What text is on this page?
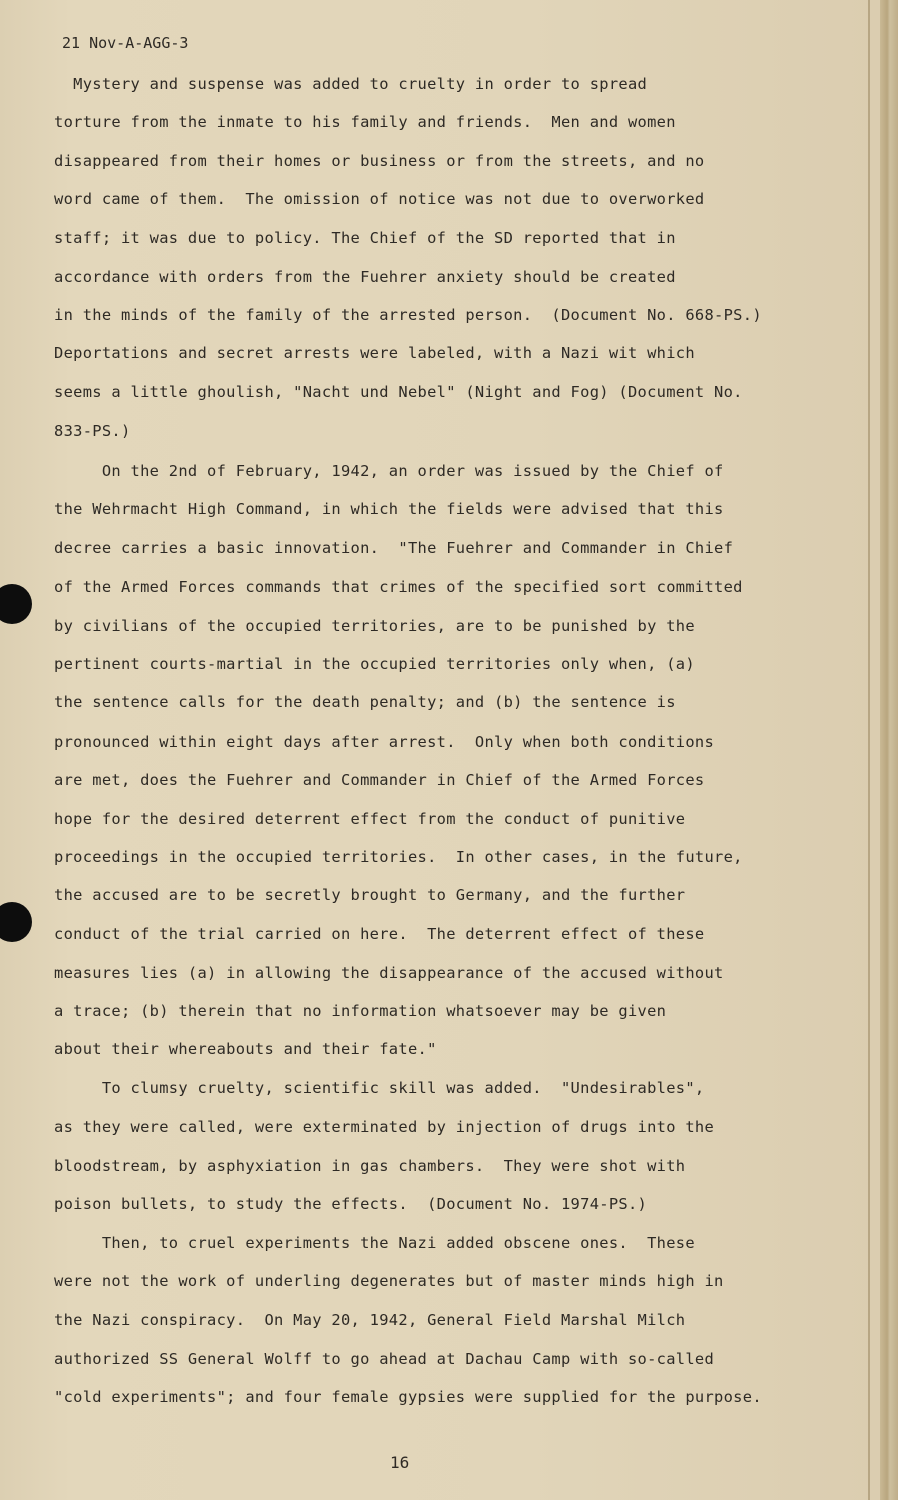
21 Nov-A-AGG-3
Mystery and suspense was added to cruelty in order to spread
torture from the inmate to his family and friends.  Men and women
disappeared from their homes or business or from the streets, and no
word came of them.  The omission of notice was not due to overworked
staff; it was due to policy. The Chief of the SD reported that in
accordance with orders from the Fuehrer anxiety should be created
in the minds of the family of the arrested person.  (Document No. 668-PS.)
Deportations and secret arrests were labeled, with a Nazi wit which
seems a little ghoulish, "Nacht und Nebel" (Night and Fog) (Document No.
833-PS.)
On the 2nd of February, 1942, an order was issued by the Chief of
the Wehrmacht High Command, in which the fields were advised that this
decree carries a basic innovation.  "The Fuehrer and Commander in Chief
of the Armed Forces commands that crimes of the specified sort committed
by civilians of the occupied territories, are to be punished by the
pertinent courts-martial in the occupied territories only when, (a)
the sentence calls for the death penalty; and (b) the sentence is
pronounced within eight days after arrest.  Only when both conditions
are met, does the Fuehrer and Commander in Chief of the Armed Forces
hope for the desired deterrent effect from the conduct of punitive
proceedings in the occupied territories.  In other cases, in the future,
the accused are to be secretly brought to Germany, and the further
conduct of the trial carried on here.  The deterrent effect of these
measures lies (a) in allowing the disappearance of the accused without
a trace; (b) therein that no information whatsoever may be given
about their whereabouts and their fate."
To clumsy cruelty, scientific skill was added.  "Undesirables",
as they were called, were exterminated by injection of drugs into the
bloodstream, by asphyxiation in gas chambers.  They were shot with
poison bullets, to study the effects.  (Document No. 1974-PS.)
Then, to cruel experiments the Nazi added obscene ones.  These
were not the work of underling degenerates but of master minds high in
the Nazi conspiracy.  On May 20, 1942, General Field Marshal Milch
authorized SS General Wolff to go ahead at Dachau Camp with so-called
"cold experiments"; and four female gypsies were supplied for the purpose.
16
